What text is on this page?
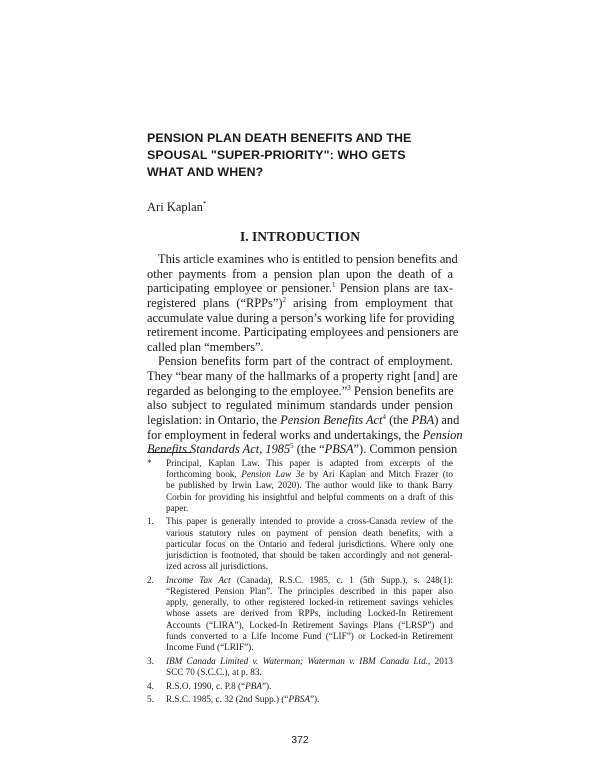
PENSION PLAN DEATH BENEFITS AND THE
SPOUSAL "SUPER-PRIORITY": WHO GETS
WHAT AND WHEN?
Ari Kaplan*
I. INTRODUCTION
This article examines who is entitled to pension benefits and
other payments from a pension plan upon the death of a
participating employee or pensioner.$^1$ Pension plans are tax-
registered plans (“RPPs”)$^2$ arising from employment that
accumulate value during a person’s working life for providing
retirement income. Participating employees and pensioners are
called plan “members”.
Pension benefits form part of the contract of employment.
They “bear many of the hallmarks of a property right [and] are
regarded as belonging to the employee.”$^3$ Pension benefits are
also subject to regulated minimum standards under pension
legislation: in Ontario, the Pension Benefits Act$^4$ (the PBA) and
for employment in federal works and undertakings, the Pension
Benefits Standards Act, 1985$^5$ (the “PBSA”). Common pension
*	Principal, Kaplan Law. This paper is adapted from excerpts of the
forthcoming book, Pension Law 3e by Ari Kaplan and Mitch Frazer (to
be published by Irwin Law, 2020). The author would like to thank Barry
Corbin for providing his insightful and helpful comments on a draft of this
paper.
1.	This paper is generally intended to provide a cross-Canada review of the
various statutory rules on payment of pension death benefits, with a
particular focus on the Ontario and federal jurisdictions. Where only one
jurisdiction is footnoted, that should be taken accordingly and not general-
ized across all jurisdictions.
2.	Income Tax Act (Canada), R.S.C. 1985, c. 1 (5th Supp.), s. 248(1):
“Registered Pension Plan”. The principles described in this paper also
apply, generally, to other registered locked-in retirement savings vehicles
whose assets are derived from RPPs, including Locked-In Retirement
Accounts (“LIRA”), Locked-In Retirement Savings Plans (“LRSP”) and
funds converted to a Life Income Fund (“LIF”) or Locked-in Retirement
Income Fund (“LRIF”).
3.	IBM Canada Limited v. Waterman; Waterman v. IBM Canada Ltd., 2013
SCC 70 (S.C.C.), at p. 83.
4.	R.S.O. 1990, c. P.8 (“PBA”).
5.	R.S.C. 1985, c. 32 (2nd Supp.) (“PBSA”).
372
